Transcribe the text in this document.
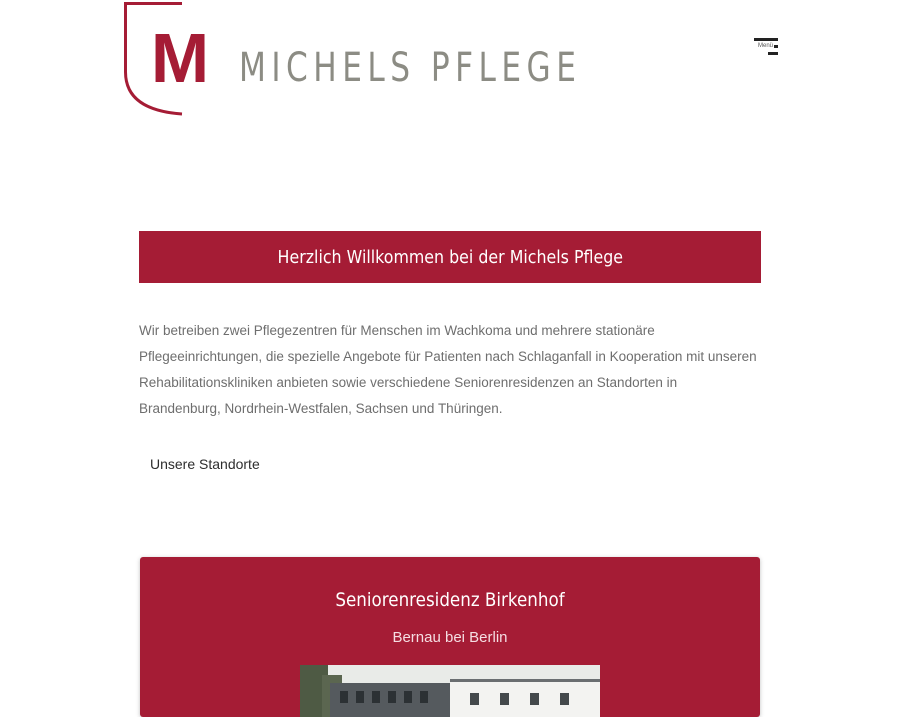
M MICHELS PFLEGE	Menü
Herzlich Willkommen bei der Michels Pflege

Wir betreiben zwei Pflegezentren für Menschen im Wachkoma und mehrere stationäre Pflegeeinrichtungen, die spezielle Angebote für Patienten nach Schlaganfall in Kooperation mit unseren Rehabilitationskliniken anbieten sowie verschiedene Seniorenresidenzen an Standorten in Brandenburg, Nordrhein-Westfalen, Sachsen und Thüringen.

Unsere Standorte
Seniorenresidenz Birkenhof

Bernau bei Berlin
